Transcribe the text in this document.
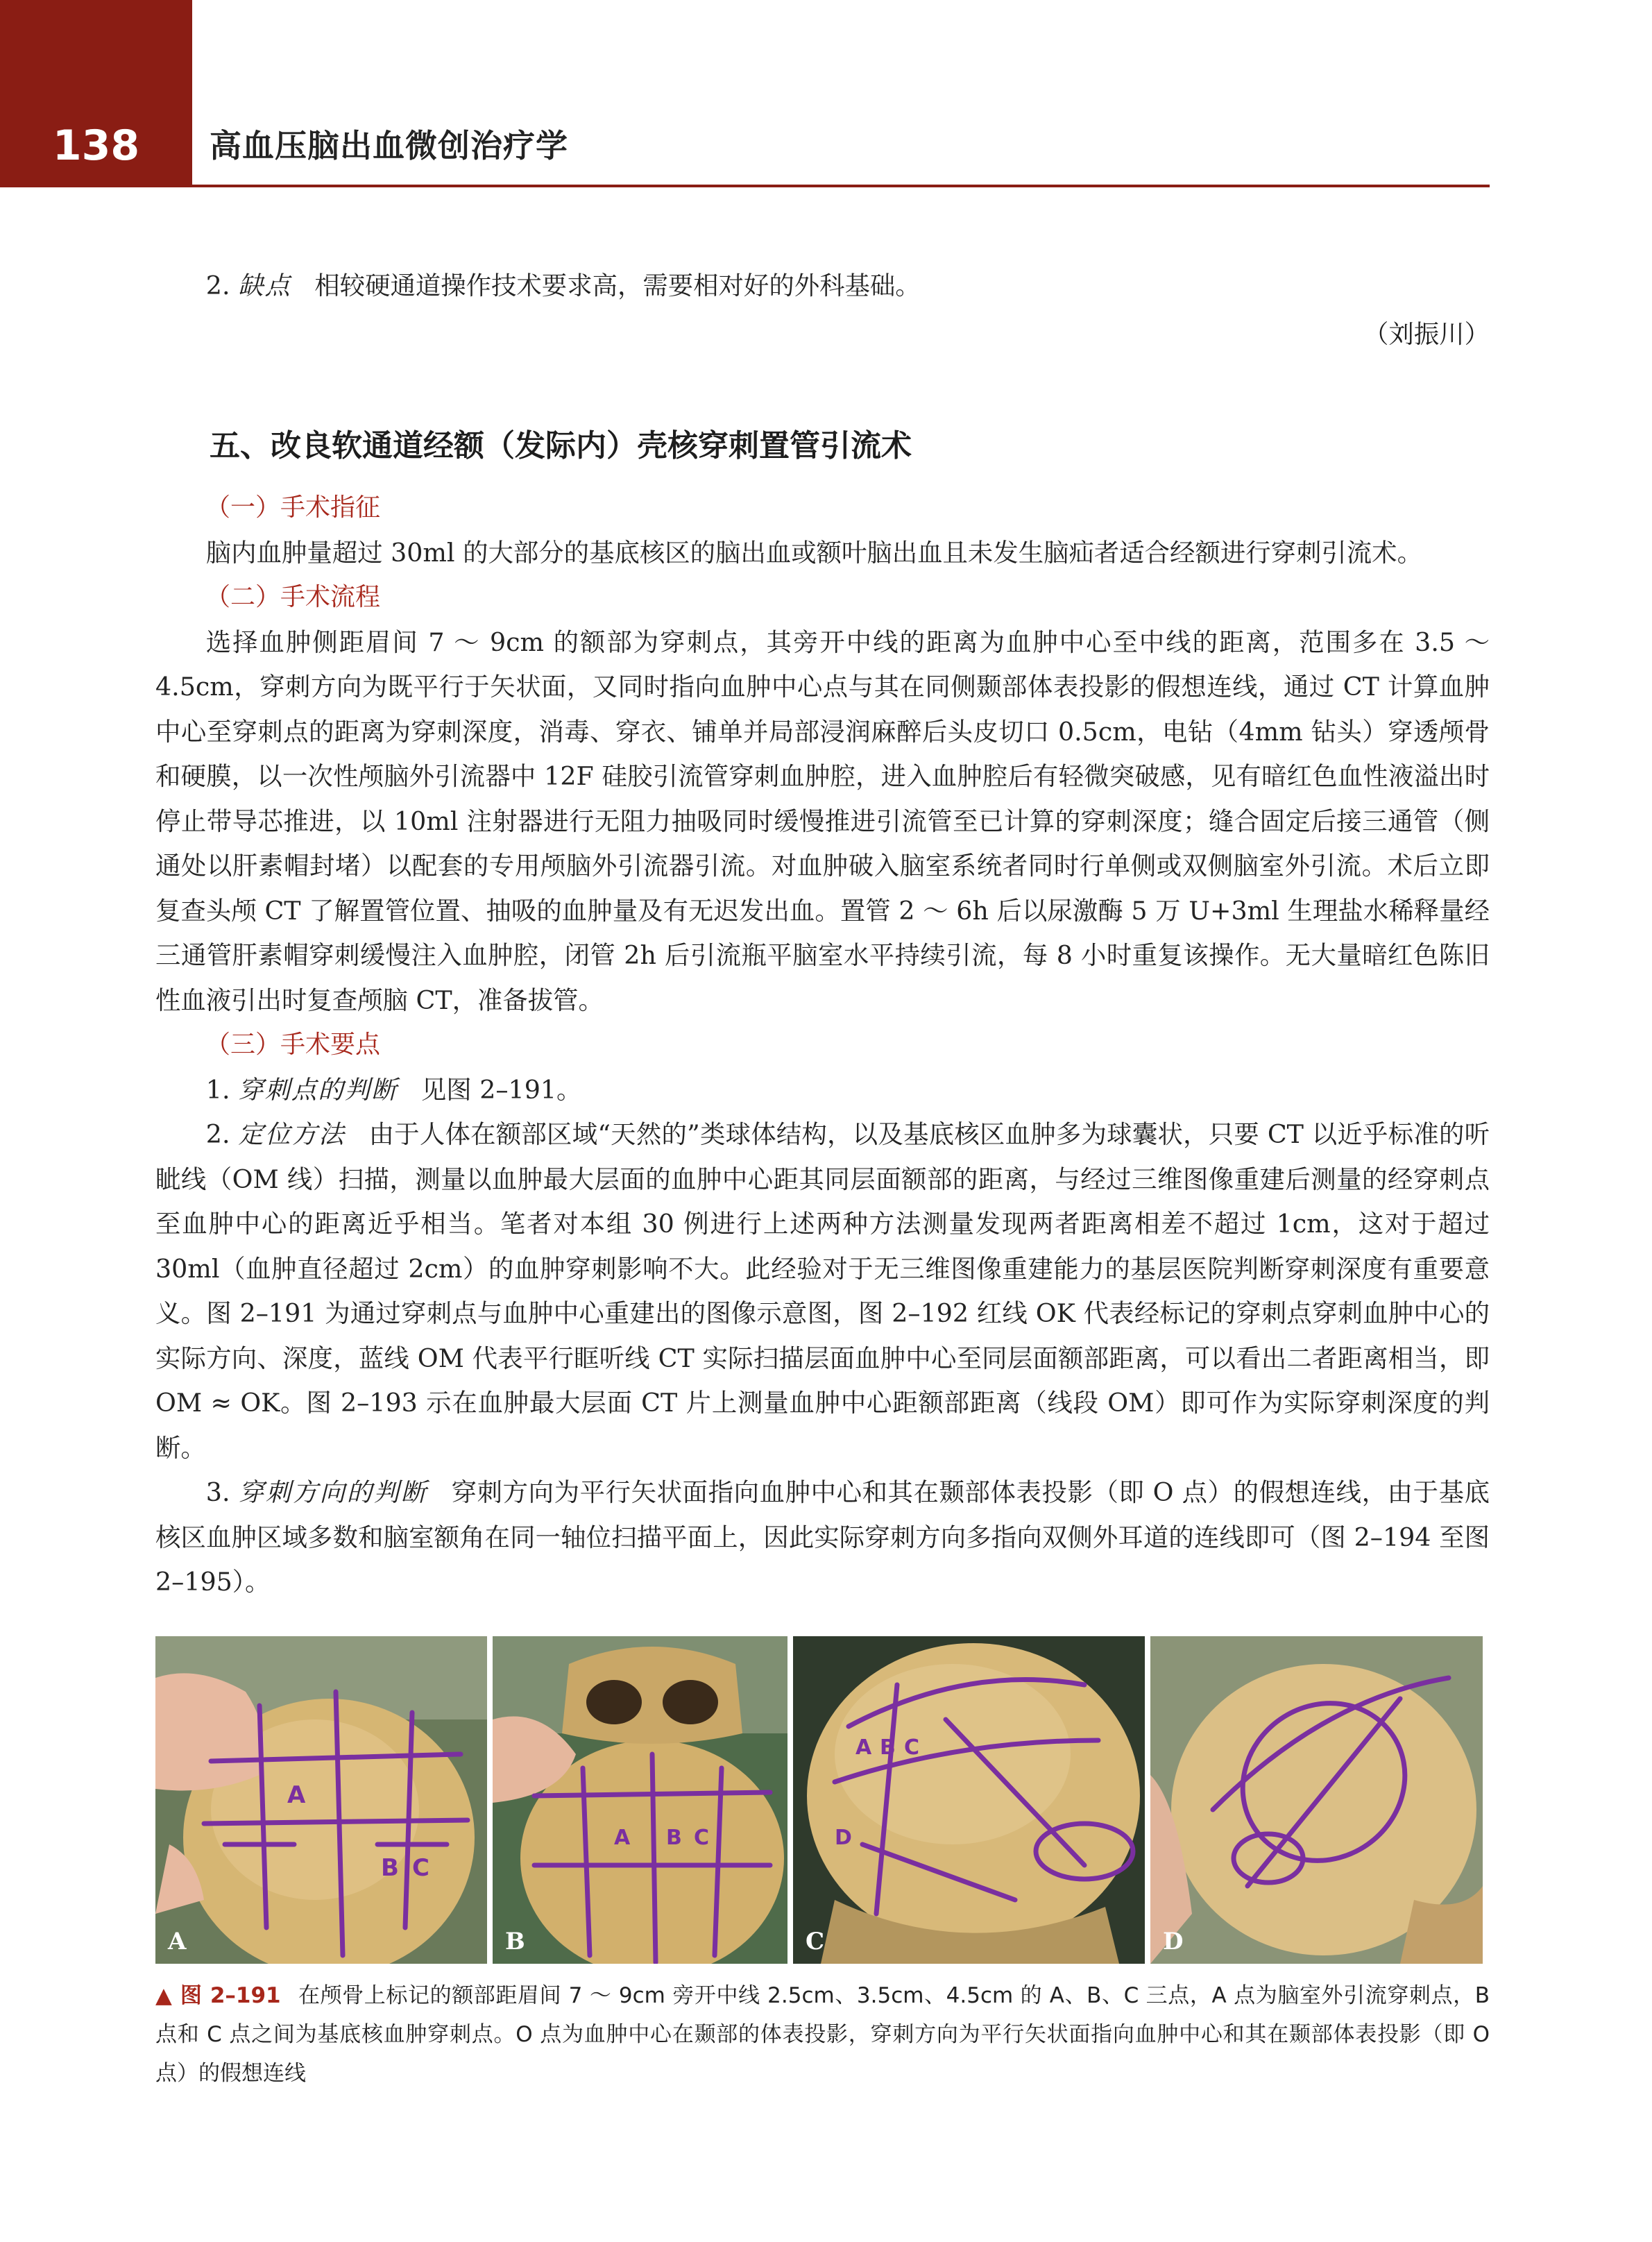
138	高血压脑出血微创治疗学

2. 缺点 相较硬通道操作技术要求高，需要相对好的外科基础。

（刘振川）
五、改良软通道经额（发际内）壳核穿刺置管引流术

（一）手术指征

脑内血肿量超过 30ml 的大部分的基底核区的脑出血或额叶脑出血且未发生脑疝者适合经额进行穿刺引流术。

（二）手术流程

选择血肿侧距眉间 7 ～ 9cm 的额部为穿刺点，其旁开中线的距离为血肿中心至中线的距离，范围多在 3.5 ～ 4.5cm，穿刺方向为既平行于矢状面，又同时指向血肿中心点与其在同侧颞部体表投影的假想连线，通过 CT 计算血肿中心至穿刺点的距离为穿刺深度，消毒、穿衣、铺单并局部浸润麻醉后头皮切口 0.5cm，电钻（4mm 钻头）穿透颅骨和硬膜，以一次性颅脑外引流器中 12F 硅胶引流管穿刺血肿腔，进入血肿腔后有轻微突破感，见有暗红色血性液溢出时停止带导芯推进，以 10ml 注射器进行无阻力抽吸同时缓慢推进引流管至已计算的穿刺深度；缝合固定后接三通管（侧通处以肝素帽封堵）以配套的专用颅脑外引流器引流。对血肿破入脑室系统者同时行单侧或双侧脑室外引流。术后立即复查头颅 CT 了解置管位置、抽吸的血肿量及有无迟发出血。置管 2 ～ 6h 后以尿激酶 5 万 U+3ml 生理盐水稀释量经三通管肝素帽穿刺缓慢注入血肿腔，闭管 2h 后引流瓶平脑室水平持续引流，每 8 小时重复该操作。无大量暗红色陈旧性血液引出时复查颅脑 CT，准备拔管。

（三）手术要点

1. 穿刺点的判断 见图 2–191。

2. 定位方法 由于人体在额部区域“天然的”类球体结构，以及基底核区血肿多为球囊状，只要 CT 以近乎标准的听眦线（OM 线）扫描，测量以血肿最大层面的血肿中心距其同层面额部的距离，与经过三维图像重建后测量的经穿刺点至血肿中心的距离近乎相当。笔者对本组 30 例进行上述两种方法测量发现两者距离相差不超过 1cm，这对于超过 30ml（血肿直径超过 2cm）的血肿穿刺影响不大。此经验对于无三维图像重建能力的基层医院判断穿刺深度有重要意义。图 2–191 为通过穿刺点与血肿中心重建出的图像示意图，图 2–192 红线 OK 代表经标记的穿刺点穿刺血肿中心的实际方向、深度，蓝线 OM 代表平行眶听线 CT 实际扫描层面血肿中心至同层面额部距离，可以看出二者距离相当，即 OM ≈ OK。图 2–193 示在血肿最大层面 CT 片上测量血肿中心距额部距离（线段 OM）即可作为实际穿刺深度的判断。

3. 穿刺方向的判断 穿刺方向为平行矢状面指向血肿中心和其在颞部体表投影（即 O 点）的假想连线，由于基底核区血肿区域多数和脑室额角在同一轴位扫描平面上，因此实际穿刺方向多指向双侧外耳道的连线即可（图 2–194 至图 2–195）。

A
B C
A
A B C
B
A B C
D
C	D
▲ 图 2–191 在颅骨上标记的额部距眉间 7 ～ 9cm 旁开中线 2.5cm、3.5cm、4.5cm 的 A、B、C 三点，A 点为脑室外引流穿刺点，B 点和 C 点之间为基底核血肿穿刺点。O 点为血肿中心在颞部的体表投影，穿刺方向为平行矢状面指向血肿中心和其在颞部体表投影（即 O 点）的假想连线
